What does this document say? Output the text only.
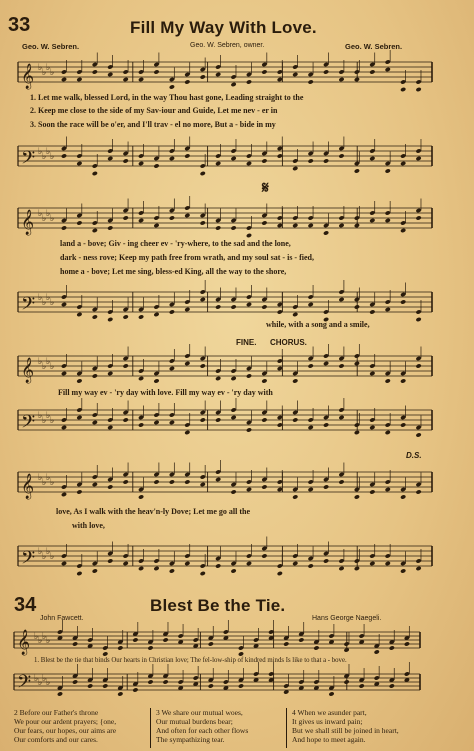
33	Fill My Way With Love.
Geo. W. Sebren.	Geo. W. Sebren, owner.	Geo. W. Sebren.
𝄞 ♭ ♭ ♭ ♭
1. Let me walk, blessed Lord, in the way Thou hast gone, Leading straight to the
2. Keep me close to the side of my Sav-iour and Guide, Let me nev - er in
3. Soon the race will be o'er, and I'll trav - el no more, But a - bide in my
𝄢 ♭ ♭ ♭ ♭
𝄋
𝄞 ♭ ♭ ♭ ♭
land a - bove; Giv - ing cheer ev - 'ry-where, to the sad and the lone,
dark - ness rove; Keep my path free from wrath, and my soul sat - is - fied,
home a - bove; Let me sing, bless-ed King, all the way to the shore,
𝄢 ♭ ♭ ♭ ♭
while, with a song and a smile,
FINE. CHORUS.
𝄞 ♭ ♭ ♭ ♭
Fill my way ev - 'ry day with love. Fill my way ev - 'ry day with
𝄢 ♭ ♭ ♭ ♭
D.S.
𝄞 ♭ ♭ ♭ ♭
love, As I walk with the heav'n-ly Dove; Let me go all the
with love,
𝄢 ♭ ♭ ♭ ♭
34	Blest Be the Tie.
John Fawcett.	Hans George Naegeli.
𝄞 ♭ ♭ ♭ ♭
1. Blest be the tie that binds Our hearts in Christian love; The fel-low-ship of kindred minds Is like to that a - bove.
𝄢 ♭ ♭ ♭ ♭
2 Before our Father's throne
We pour our ardent prayers; {one,
Our fears, our hopes, our aims are
Our comforts and our cares.
3 We share our mutual woes,
Our mutual burdens bear;
And often for each other flows
The sympathizing tear.
4 When we asunder part,
It gives us inward pain;
But we shall still be joined in heart,
And hope to meet again.
